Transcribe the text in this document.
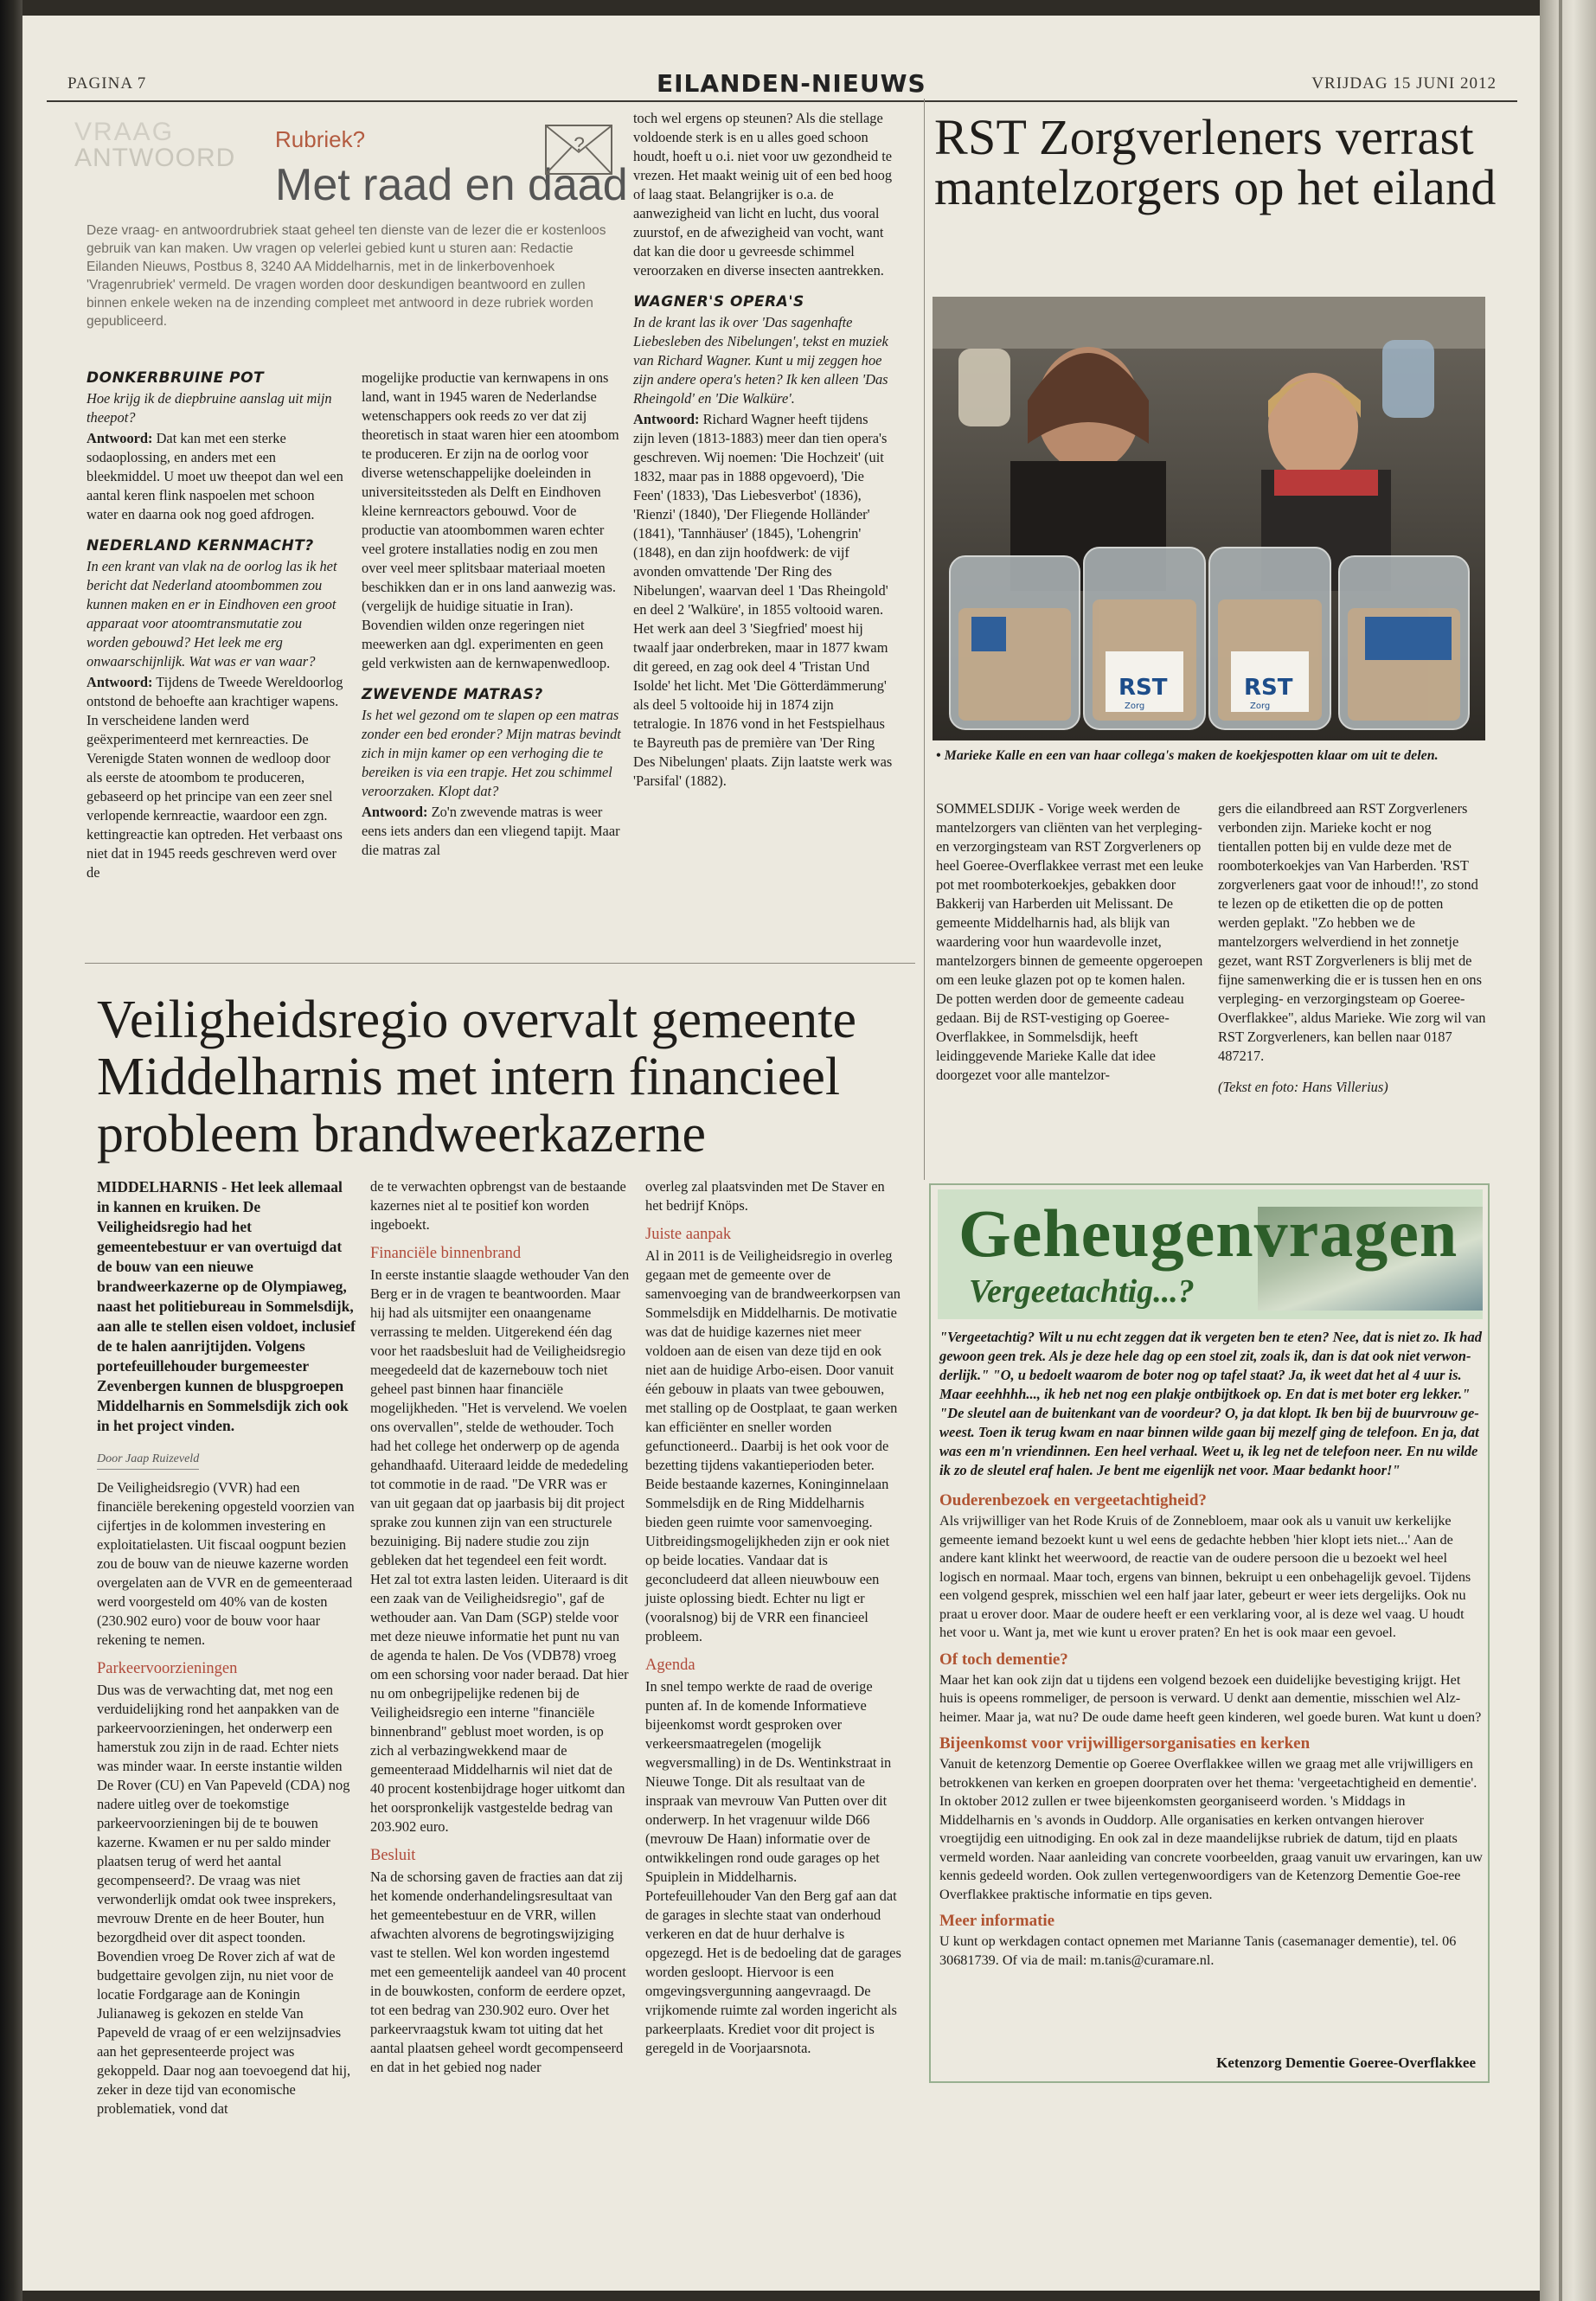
PAGINA 7	EILANDEN-NIEUWS	VRIJDAG 15 JUNI 2012
VRAAG
ANTWOORD
Rubriek?
Met raad en daad
?
Deze vraag- en antwoordrubriek staat geheel ten dienste van de lezer die er kostenloos gebruik van kan maken. Uw vragen op velerlei gebied kunt u sturen aan: Redactie Eilanden Nieuws, Postbus 8, 3240 AA Middelharnis, met in de linkerbovenhoek 'Vragenrubriek' vermeld. De vragen worden door deskundigen beantwoord en zullen binnen enkele weken na de inzending compleet met antwoord in deze rubriek worden gepubliceerd.

DONKERBRUINE POT

Hoe krijg ik de diepbruine aanslag uit mijn theepot?

Antwoord: Dat kan met een sterke sodaoplossing, en anders met een bleekmiddel. U moet uw theepot dan wel een aantal keren flink naspoelen met schoon water en daarna ook nog goed afdrogen.

NEDERLAND KERNMACHT?

In een krant van vlak na de oorlog las ik het bericht dat Nederland atoombommen zou kunnen maken en er in Eindhoven een groot apparaat voor atoomtransmutatie zou worden gebouwd? Het leek me erg onwaarschijnlijk. Wat was er van waar?

Antwoord: Tijdens de Tweede Wereldoorlog ontstond de behoefte aan krachtiger wapens. In verscheidene landen werd geëxperimenteerd met kernreacties. De Verenigde Staten wonnen de wedloop door als eerste de atoombom te produceren, gebaseerd op het principe van een zeer snel verlopende kernreactie, waardoor een zgn. kettingreactie kan optreden. Het verbaast ons niet dat in 1945 reeds geschreven werd over de

mogelijke productie van kernwapens in ons land, want in 1945 waren de Nederlandse wetenschappers ook reeds zo ver dat zij theoretisch in staat waren hier een atoombom te produceren. Er zijn na de oorlog voor diverse wetenschappelijke doeleinden in universiteitssteden als Delft en Eindhoven kleine kernreactors gebouwd. Voor de productie van atoombommen waren echter veel grotere installaties nodig en zou men over veel meer splitsbaar materiaal moeten beschikken dan er in ons land aanwezig was. (vergelijk de huidige situatie in Iran). Bovendien wilden onze regeringen niet meewerken aan dgl. experimenten en geen geld verkwisten aan de kernwapenwedloop.

ZWEVENDE MATRAS?

Is het wel gezond om te slapen op een matras zonder een bed eronder? Mijn matras bevindt zich in mijn kamer op een verhoging die te bereiken is via een trapje. Het zou schimmel veroorzaken. Klopt dat?

Antwoord: Zo'n zwevende matras is weer eens iets anders dan een vliegend tapijt. Maar die matras zal

toch wel ergens op steunen? Als die stellage voldoende sterk is en u alles goed schoon houdt, hoeft u o.i. niet voor uw gezondheid te vrezen. Het maakt weinig uit of een bed hoog of laag staat. Belangrijker is o.a. de aanwezigheid van licht en lucht, dus vooral zuurstof, en de afwezigheid van vocht, want dat kan die door u gevreesde schimmel veroorzaken en diverse insecten aantrekken.

WAGNER'S OPERA'S

In de krant las ik over 'Das sagenhafte Liebesleben des Nibelungen', tekst en muziek van Richard Wagner. Kunt u mij zeggen hoe zijn andere opera's heten? Ik ken alleen 'Das Rheingold' en 'Die Walküre'.

Antwoord: Richard Wagner heeft tijdens zijn leven (1813-1883) meer dan tien opera's geschreven. Wij noemen: 'Die Hochzeit' (uit 1832, maar pas in 1888 opgevoerd), 'Die Feen' (1833), 'Das Liebesverbot' (1836), 'Rienzi' (1840), 'Der Fliegende Holländer' (1841), 'Tannhäuser' (1845), 'Lohengrin' (1848), en dan zijn hoofdwerk: de vijf avonden omvattende 'Der Ring des Nibelungen', waarvan deel 1 'Das Rheingold' en deel 2 'Walküre', in 1855 voltooid waren. Het werk aan deel 3 'Siegfried' moest hij twaalf jaar onderbreken, maar in 1877 kwam dit gereed, en zag ook deel 4 'Tristan Und Isolde' het licht. Met 'Die Götterdämmerung' als deel 5 voltooide hij in 1874 zijn tetralogie. In 1876 vond in het Festspielhaus te Bayreuth pas de première van 'Der Ring Des Nibelungen' plaats. Zijn laatste werk was 'Parsifal' (1882).

RST Zorgverleners verrast mantelzorgers op het eiland
RST	RST
Zorg	Zorg
• Marieke Kalle en een van haar collega's maken de koekjespotten klaar om uit te delen.

SOMMELSDIJK - Vorige week werden de mantelzorgers van cliënten van het verpleging- en verzorgingsteam van RST Zorgverleners op heel Goeree-Overflakkee verrast met een leuke pot met roomboterkoekjes, gebakken door Bakkerij van Harberden uit Melissant. De gemeente Middelharnis had, als blijk van waardering voor hun waardevolle inzet, mantelzorgers binnen de gemeente opgeroepen om een leuke glazen pot op te komen halen. De potten werden door de gemeente cadeau gedaan. Bij de RST-vestiging op Goeree-Overflakkee, in Sommelsdijk, heeft leidinggevende Marieke Kalle dat idee doorgezet voor alle mantelzor-

gers die eilandbreed aan RST Zorgverleners verbonden zijn. Marieke kocht er nog tientallen potten bij en vulde deze met de roomboterkoekjes van Van Harberden. 'RST zorgverleners gaat voor de inhoud!!', zo stond te lezen op de etiketten die op de potten werden geplakt. "Zo hebben we de mantelzorgers welverdiend in het zonnetje gezet, want RST Zorgverleners is blij met de fijne samenwerking die er is tussen hen en ons verpleging- en verzorgingsteam op Goeree-Overflakkee", aldus Marieke. Wie zorg wil van RST Zorgverleners, kan bellen naar 0187 487217.

(Tekst en foto: Hans Villerius)

Veiligheidsregio overvalt gemeente Middelharnis met intern financieel probleem brandweerkazerne

MIDDELHARNIS - Het leek allemaal in kannen en kruiken. De Veiligheidsregio had het gemeentebestuur er van overtuigd dat de bouw van een nieuwe brandweerkazerne op de Olympiaweg, naast het politiebureau in Sommelsdijk, aan alle te stellen eisen voldoet, inclusief de te halen aanrijtijden. Volgens portefeuillehouder burgemeester Zevenbergen kunnen de bluspgroepen Middelharnis en Sommelsdijk zich ook in het project vinden.

Door Jaap Ruizeveld

De Veiligheidsregio (VVR) had een financiële berekening opgesteld voorzien van cijfertjes in de kolommen investering en exploitatielasten. Uit fiscaal oogpunt bezien zou de bouw van de nieuwe kazerne worden overgelaten aan de VVR en de gemeenteraad werd voorgesteld om 40% van de kosten (230.902 euro) voor de bouw voor haar rekening te nemen.

Parkeervoorzieningen

Dus was de verwachting dat, met nog een verduidelijking rond het aanpakken van de parkeervoorzieningen, het onderwerp een hamerstuk zou zijn in de raad. Echter niets was minder waar. In eerste instantie wilden De Rover (CU) en Van Papeveld (CDA) nog nadere uitleg over de toekomstige parkeervoorzieningen bij de te bouwen kazerne. Kwamen er nu per saldo minder plaatsen terug of werd het aantal gecompenseerd?. De vraag was niet verwonderlijk omdat ook twee insprekers, mevrouw Drente en de heer Bouter, hun bezorgdheid over dit aspect toonden. Bovendien vroeg De Rover zich af wat de budgettaire gevolgen zijn, nu niet voor de locatie Fordgarage aan de Koningin Julianaweg is gekozen en stelde Van Papeveld de vraag of er een welzijnsadvies aan het gepresenteerde project was gekoppeld. Daar nog aan toevoegend dat hij, zeker in deze tijd van economische problematiek, vond dat

de te verwachten opbrengst van de bestaande kazernes niet al te positief kon worden ingeboekt.

Financiële binnenbrand

In eerste instantie slaagde wethouder Van den Berg er in de vragen te beantwoorden. Maar hij had als uitsmijter een onaangename verrassing te melden. Uitgerekend één dag voor het raadsbesluit had de Veiligheidsregio meegedeeld dat de kazernebouw toch niet geheel past binnen haar financiële mogelijkheden. "Het is vervelend. We voelen ons overvallen", stelde de wethouder. Toch had het college het onderwerp op de agenda gehandhaafd. Uiteraard leidde de mededeling tot commotie in de raad. "De VRR was er van uit gegaan dat op jaarbasis bij dit project sprake zou kunnen zijn van een structurele bezuiniging. Bij nadere studie zou zijn gebleken dat het tegendeel een feit wordt. Het zal tot extra lasten leiden. Uiteraard is dit een zaak van de Veiligheidsregio", gaf de wethouder aan. Van Dam (SGP) stelde voor met deze nieuwe informatie het punt nu van de agenda te halen. De Vos (VDB78) vroeg om een schorsing voor nader beraad. Dat hier nu om onbegrijpelijke redenen bij de Veiligheidsregio een interne "financiële binnenbrand" geblust moet worden, is op zich al verbazingwekkend maar de gemeenteraad Middelharnis wil niet dat de 40 procent kostenbijdrage hoger uitkomt dan het oorspronkelijk vastgestelde bedrag van 203.902 euro.

Besluit

Na de schorsing gaven de fracties aan dat zij het komende onderhandelingsresultaat van het gemeentebestuur en de VRR, willen afwachten alvorens de begrotingswijziging vast te stellen. Wel kon worden ingestemd met een gemeentelijk aandeel van 40 procent in de bouwkosten, conform de eerdere opzet, tot een bedrag van 230.902 euro. Over het parkeervraagstuk kwam tot uiting dat het aantal plaatsen geheel wordt gecompenseerd en dat in het gebied nog nader

overleg zal plaatsvinden met De Staver en het bedrijf Knöps.

Juiste aanpak

Al in 2011 is de Veiligheidsregio in overleg gegaan met de gemeente over de samenvoeging van de brandweerkorpsen van Sommelsdijk en Middelharnis. De motivatie was dat de huidige kazernes niet meer voldoen aan de eisen van deze tijd en ook niet aan de huidige Arbo-eisen. Door vanuit één gebouw in plaats van twee gebouwen, met stalling op de Oostplaat, te gaan werken kan efficiënter en sneller worden gefunctioneerd.. Daarbij is het ook voor de bezetting tijdens vakantieperioden beter. Beide bestaande kazernes, Koninginnelaan Sommelsdijk en de Ring Middelharnis bieden geen ruimte voor samenvoeging. Uitbreidingsmogelijkheden zijn er ook niet op beide locaties. Vandaar dat is geconcludeerd dat alleen nieuwbouw een juiste oplossing biedt. Echter nu ligt er (vooralsnog) bij de VRR een financieel probleem.

Agenda

In snel tempo werkte de raad de overige punten af. In de komende Informatieve bijeenkomst wordt gesproken over verkeersmaatregelen (mogelijk wegversmalling) in de Ds. Wentinkstraat in Nieuwe Tonge. Dit als resultaat van de inspraak van mevrouw Van Putten over dit onderwerp. In het vragenuur wilde D66 (mevrouw De Haan) informatie over de ontwikkelingen rond oude garages op het Spuiplein in Middelharnis. Portefeuillehouder Van den Berg gaf aan dat de garages in slechte staat van onderhoud verkeren en dat de huur derhalve is opgezegd. Het is de bedoeling dat de garages worden gesloopt. Hiervoor is een omgevingsvergunning aangevraagd. De vrijkomende ruimte zal worden ingericht als parkeerplaats. Krediet voor dit project is geregeld in de Voorjaarsnota.

Geheugenvragen
Vergeetachtig...?
"Vergeetachtig? Wilt u nu echt zeggen dat ik vergeten ben te eten? Nee, dat is niet zo. Ik had gewoon geen trek. Als je deze hele dag op een stoel zit, zoals ik, dan is dat ook niet verwon-derlijk." "O, u bedoelt waarom de boter nog op tafel staat? Ja, ik weet dat het al 4 uur is. Maar eeehhhh..., ik heb net nog een plakje ontbijtkoek op. En dat is met boter erg lekker." "De sleutel aan de buitenkant van de voordeur? O, ja dat klopt. Ik ben bij de buurvrouw ge-weest. Toen ik terug kwam en naar binnen wilde gaan bij mezelf ging de telefoon. En ja, dat was een m'n vriendinnen. Een heel verhaal. Weet u, ik leg net de telefoon neer. En nu wilde ik zo de sleutel eraf halen. Je bent me eigenlijk net voor. Maar bedankt hoor!"
Ouderenbezoek en vergeetachtigheid?

Als vrijwilliger van het Rode Kruis of de Zonnebloem, maar ook als u vanuit uw kerkelijke gemeente iemand bezoekt kunt u wel eens de gedachte hebben 'hier klopt iets niet...' Aan de andere kant klinkt het weerwoord, de reactie van de oudere persoon die u bezoekt wel heel logisch en normaal. Maar toch, ergens van binnen, bekruipt u een onbehagelijk gevoel. Tijdens een volgend gesprek, misschien wel een half jaar later, gebeurt er weer iets dergelijks. Ook nu praat u erover door. Maar de oudere heeft er een verklaring voor, al is deze wel vaag. U houdt het voor u. Want ja, met wie kunt u erover praten? En het is ook maar een gevoel.

Of toch dementie?

Maar het kan ook zijn dat u tijdens een volgend bezoek een duidelijke bevestiging krijgt. Het huis is opeens rommeliger, de persoon is verward. U denkt aan dementie, misschien wel Alz-heimer. Maar ja, wat nu? De oude dame heeft geen kinderen, wel goede buren. Wat kunt u doen?

Bijeenkomst voor vrijwilligersorganisaties en kerken

Vanuit de ketenzorg Dementie op Goeree Overflakkee willen we graag met alle vrijwilligers en betrokkenen van kerken en groepen doorpraten over het thema: 'vergeetachtigheid en dementie'. In oktober 2012 zullen er twee bijeenkomsten georganiseerd worden. 's Middags in Middelharnis en 's avonds in Ouddorp. Alle organisaties en kerken ontvangen hierover vroegtijdig een uitnodiging. En ook zal in deze maandelijkse rubriek de datum, tijd en plaats vermeld worden. Naar aanleiding van concrete voorbeelden, graag vanuit uw ervaringen, kan uw kennis gedeeld worden. Ook zullen vertegenwoordigers van de Ketenzorg Dementie Goe-ree Overflakkee praktische informatie en tips geven.

Meer informatie

U kunt op werkdagen contact opnemen met Marianne Tanis (casemanager dementie), tel. 06 30681739. Of via de mail: m.tanis@curamare.nl.

Ketenzorg Dementie Goeree-Overflakkee
